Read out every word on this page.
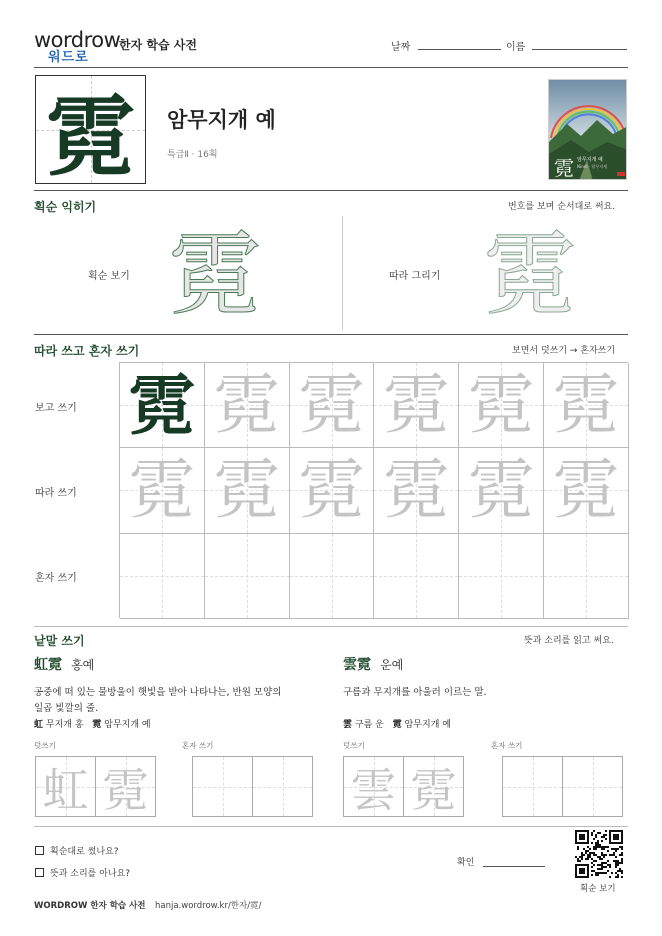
wordrow
워드로
한자 학습 사전	날짜	이름
霓	암무지개 예
특급Ⅱ · 16획
霓 암무지개 예
Ninet · 암무지개
획순 익히기	번호를 보며 순서대로 써요.
획순 보기 霓	따라 그리기 霓
따라 쓰고 혼자 쓰기	보면서 덧쓰기 → 혼자쓰기
보고 쓰기
따라 쓰기
혼자 쓰기
霓 霓 霓 霓 霓 霓
霓 霓 霓 霓 霓 霓
낱말 쓰기	뜻과 소리를 읽고 써요.
虹霓 홍예
공중에 떠 있는 물방울이 햇빛을 받아 나타나는, 반원 모양의
일곱 빛깔의 줄.
虹 무지개 홍 霓 암무지개 예
덧쓰기	혼자 쓰기
虹 霓
雲霓 운예
구름과 무지개를 아울러 이르는 말.
雲 구름 운 霓 암무지개 예
덧쓰기	혼자 쓰기
雲 霓
획순대로 썼나요?
뜻과 소리를 아나요?
확인
획순 보기
WORDROW 한자 학습 사전 hanja.wordrow.kr/한자/霓/
